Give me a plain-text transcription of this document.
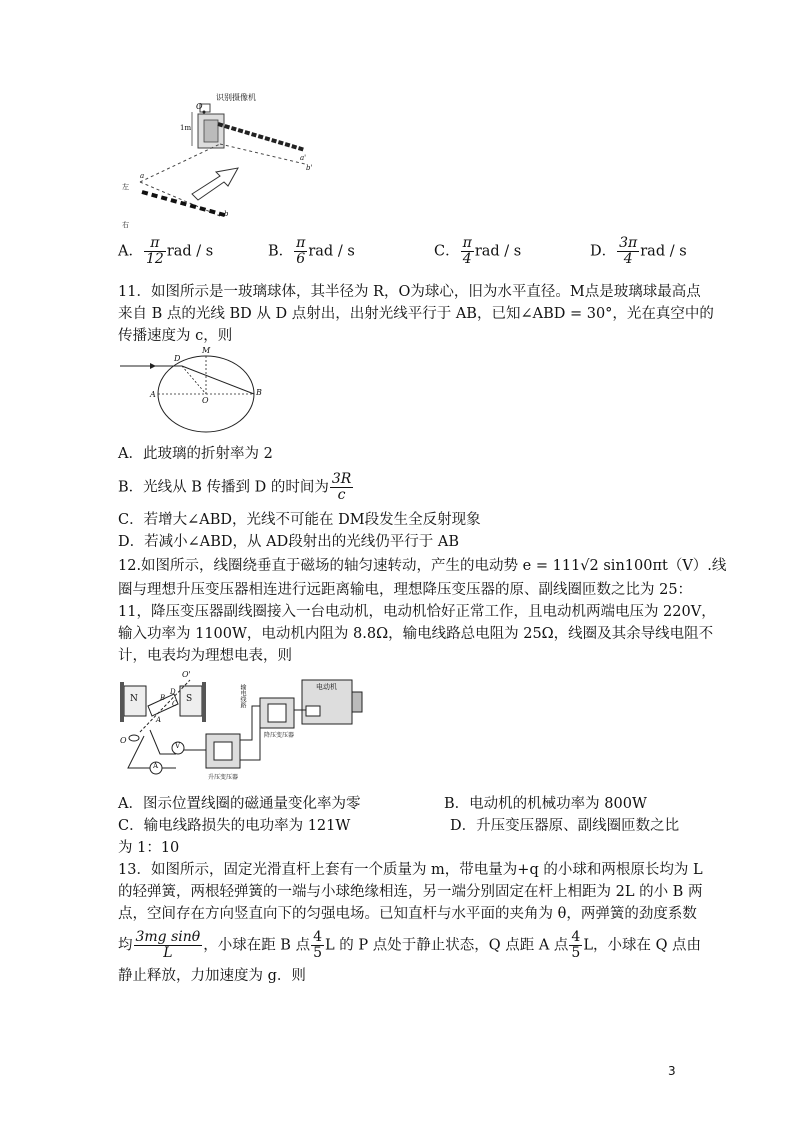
识别摄像机
O
1m
a
a'
b
b'
左
右
A． $\frac{\pi}{12}$ rad / s	B． $\frac{\pi}{6}$ rad / s	C． $\frac{\pi}{4}$ rad / s	D． $\frac{3\pi}{4}$ rad / s
11．如图所示是一玻璃球体，其半径为 R，O为球心，旧为水平直径。M点是玻璃球最高点
来自 B 点的光线 BD 从 D 点射出，出射光线平行于 AB，已知∠ABD = 30°，光在真空中的
传播速度为 c，则
D
M
A
O
B
A．此玻璃的折射率为 2
B．光线从 B 传播到 D 的时间为 $\frac{3R}{c}$
C．若增大∠ABD，光线不可能在 DM段发生全反射现象
D．若减小∠ABD，从 AD段射出的光线仍平行于 AB
12.如图所示，线圈绕垂直于磁场的轴匀速转动，产生的电动势 e = 111√2 sin100πt（V）.线
圈与理想升压变压器相连进行远距离输电，理想降压变压器的原、副线圈匝数之比为 25：
11，降压变压器副线圈接入一台电动机，电动机恰好正常工作，且电动机两端电压为 220V，
输入功率为 1100W，电动机内阻为 8.8Ω，输电线路总电阻为 25Ω，线圈及其余导线电阻不
计，电表均为理想电表，则
N	S
O'
O
A
B
C
D
V
A
输电线路
降压变压器
升压变压器
电动机
A．图示位置线圈的磁通量变化率为零	B．电动机的机械功率为 800W
C．输电线路损失的电功率为 121W	D．升压变压器原、副线圈匝数之比
为 1：10
13．如图所示，固定光滑直杆上套有一个质量为 m，带电量为+q 的小球和两根原长均为 L
的轻弹簧，两根轻弹簧的一端与小球绝缘相连，另一端分别固定在杆上相距为 2L 的小 B 两
点，空间存在方向竖直向下的匀强电场。已知直杆与水平面的夹角为 θ，两弹簧的劲度系数
均 $\frac{\text{3mg sinθ}}{L}$ ，小球在距 B 点 $\frac{4}{5}$ L 的 P 点处于静止状态，Q 点距 A 点 $\frac{4}{5}$ L，小球在 Q 点由
静止释放，力加速度为 g．则
3
